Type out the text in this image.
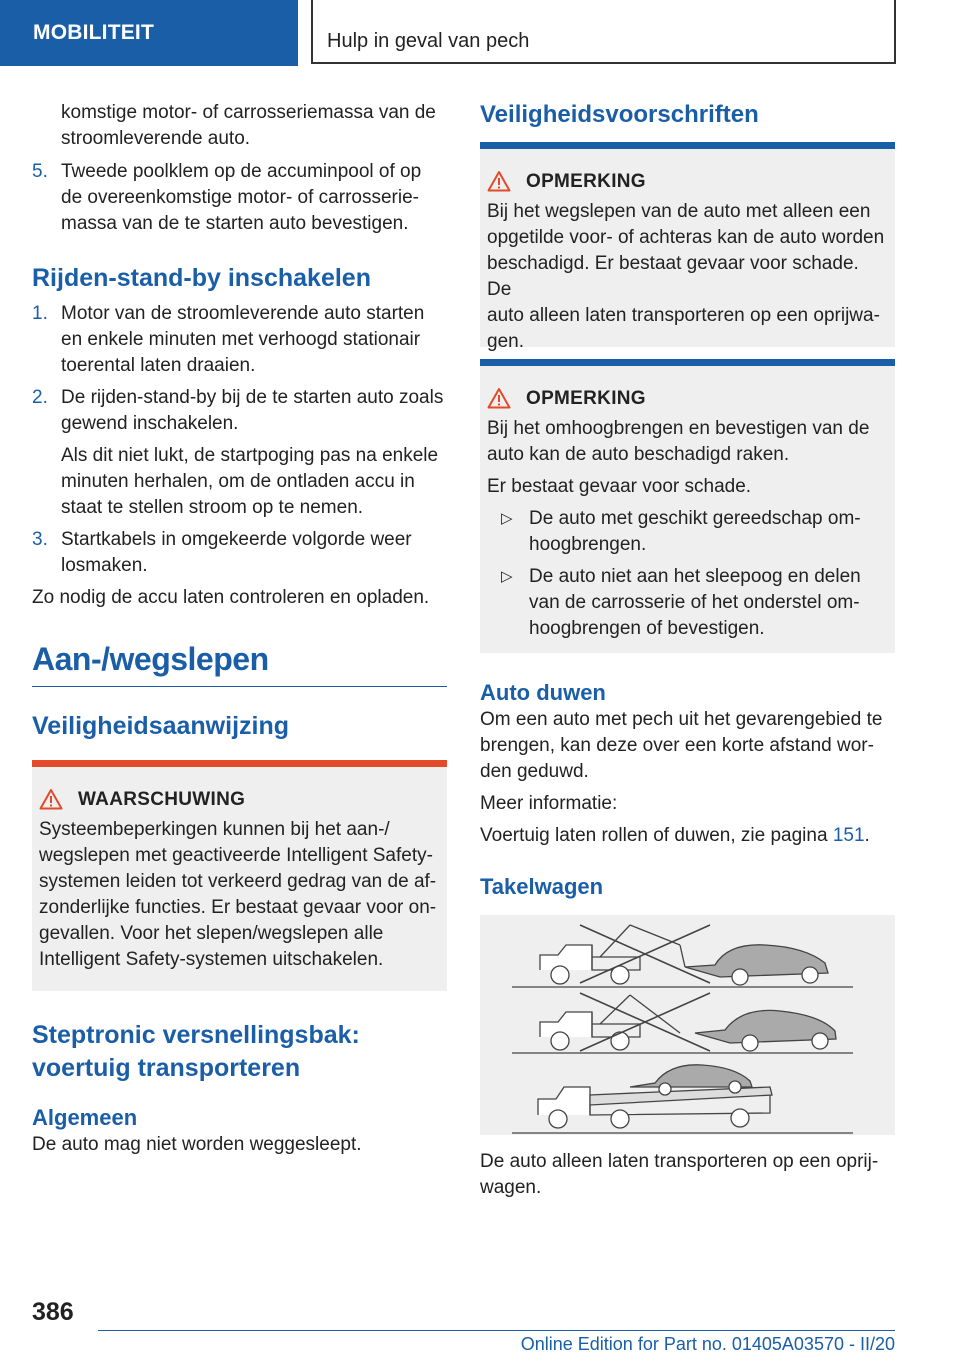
MOBILITEIT	Hulp in geval van pech

komstige motor- of carrosseriemassa van de

stroomleverende auto.

5. Tweede poolklem op de accuminpool of op

de overeenkomstige motor- of carrosserie-

massa van de te starten auto bevestigen.

Rijden-stand-by inschakelen
1. Motor van de stroomleverende auto starten

en enkele minuten met verhoogd stationair

toerental laten draaien.

2. De rijden-stand-by bij de te starten auto zoals

gewend inschakelen.

Als dit niet lukt, de startpoging pas na enkele

minuten herhalen, om de ontladen accu in

staat te stellen stroom op te nemen.

3. Startkabels in omgekeerde volgorde weer

losmaken.

Zo nodig de accu laten controleren en opladen.

Aan-/wegslepen
Veiligheidsaanwijzing
WAARSCHUWING

Systeembeperkingen kunnen bij het aan-/

wegslepen met geactiveerde Intelligent Safety-

systemen leiden tot verkeerd gedrag van de af-

zonderlijke functies. Er bestaat gevaar voor on-

gevallen. Voor het slepen/wegslepen alle

Intelligent Safety-systemen uitschakelen.

Steptronic versnellingsbak:
voertuig transporteren
Algemeen

De auto mag niet worden weggesleept.

Veiligheidsvoorschriften
OPMERKING

Bij het wegslepen van de auto met alleen een

opgetilde voor- of achteras kan de auto worden

beschadigd. Er bestaat gevaar voor schade. De

auto alleen laten transporteren op een oprijwa-

gen.

OPMERKING

Bij het omhoogbrengen en bevestigen van de

auto kan de auto beschadigd raken.

Er bestaat gevaar voor schade.

▷ De auto met geschikt gereedschap om-

hoogbrengen.

▷ De auto niet aan het sleepoog en delen

van de carrosserie of het onderstel om-

hoogbrengen of bevestigen.

Auto duwen

Om een auto met pech uit het gevarengebied te

brengen, kan deze over een korte afstand wor-

den geduwd.

Meer informatie:

Voertuig laten rollen of duwen, zie pagina 151.

Takelwagen

De auto alleen laten transporteren op een oprij-

wagen.

386
Online Edition for Part no. 01405A03570 - II/20
